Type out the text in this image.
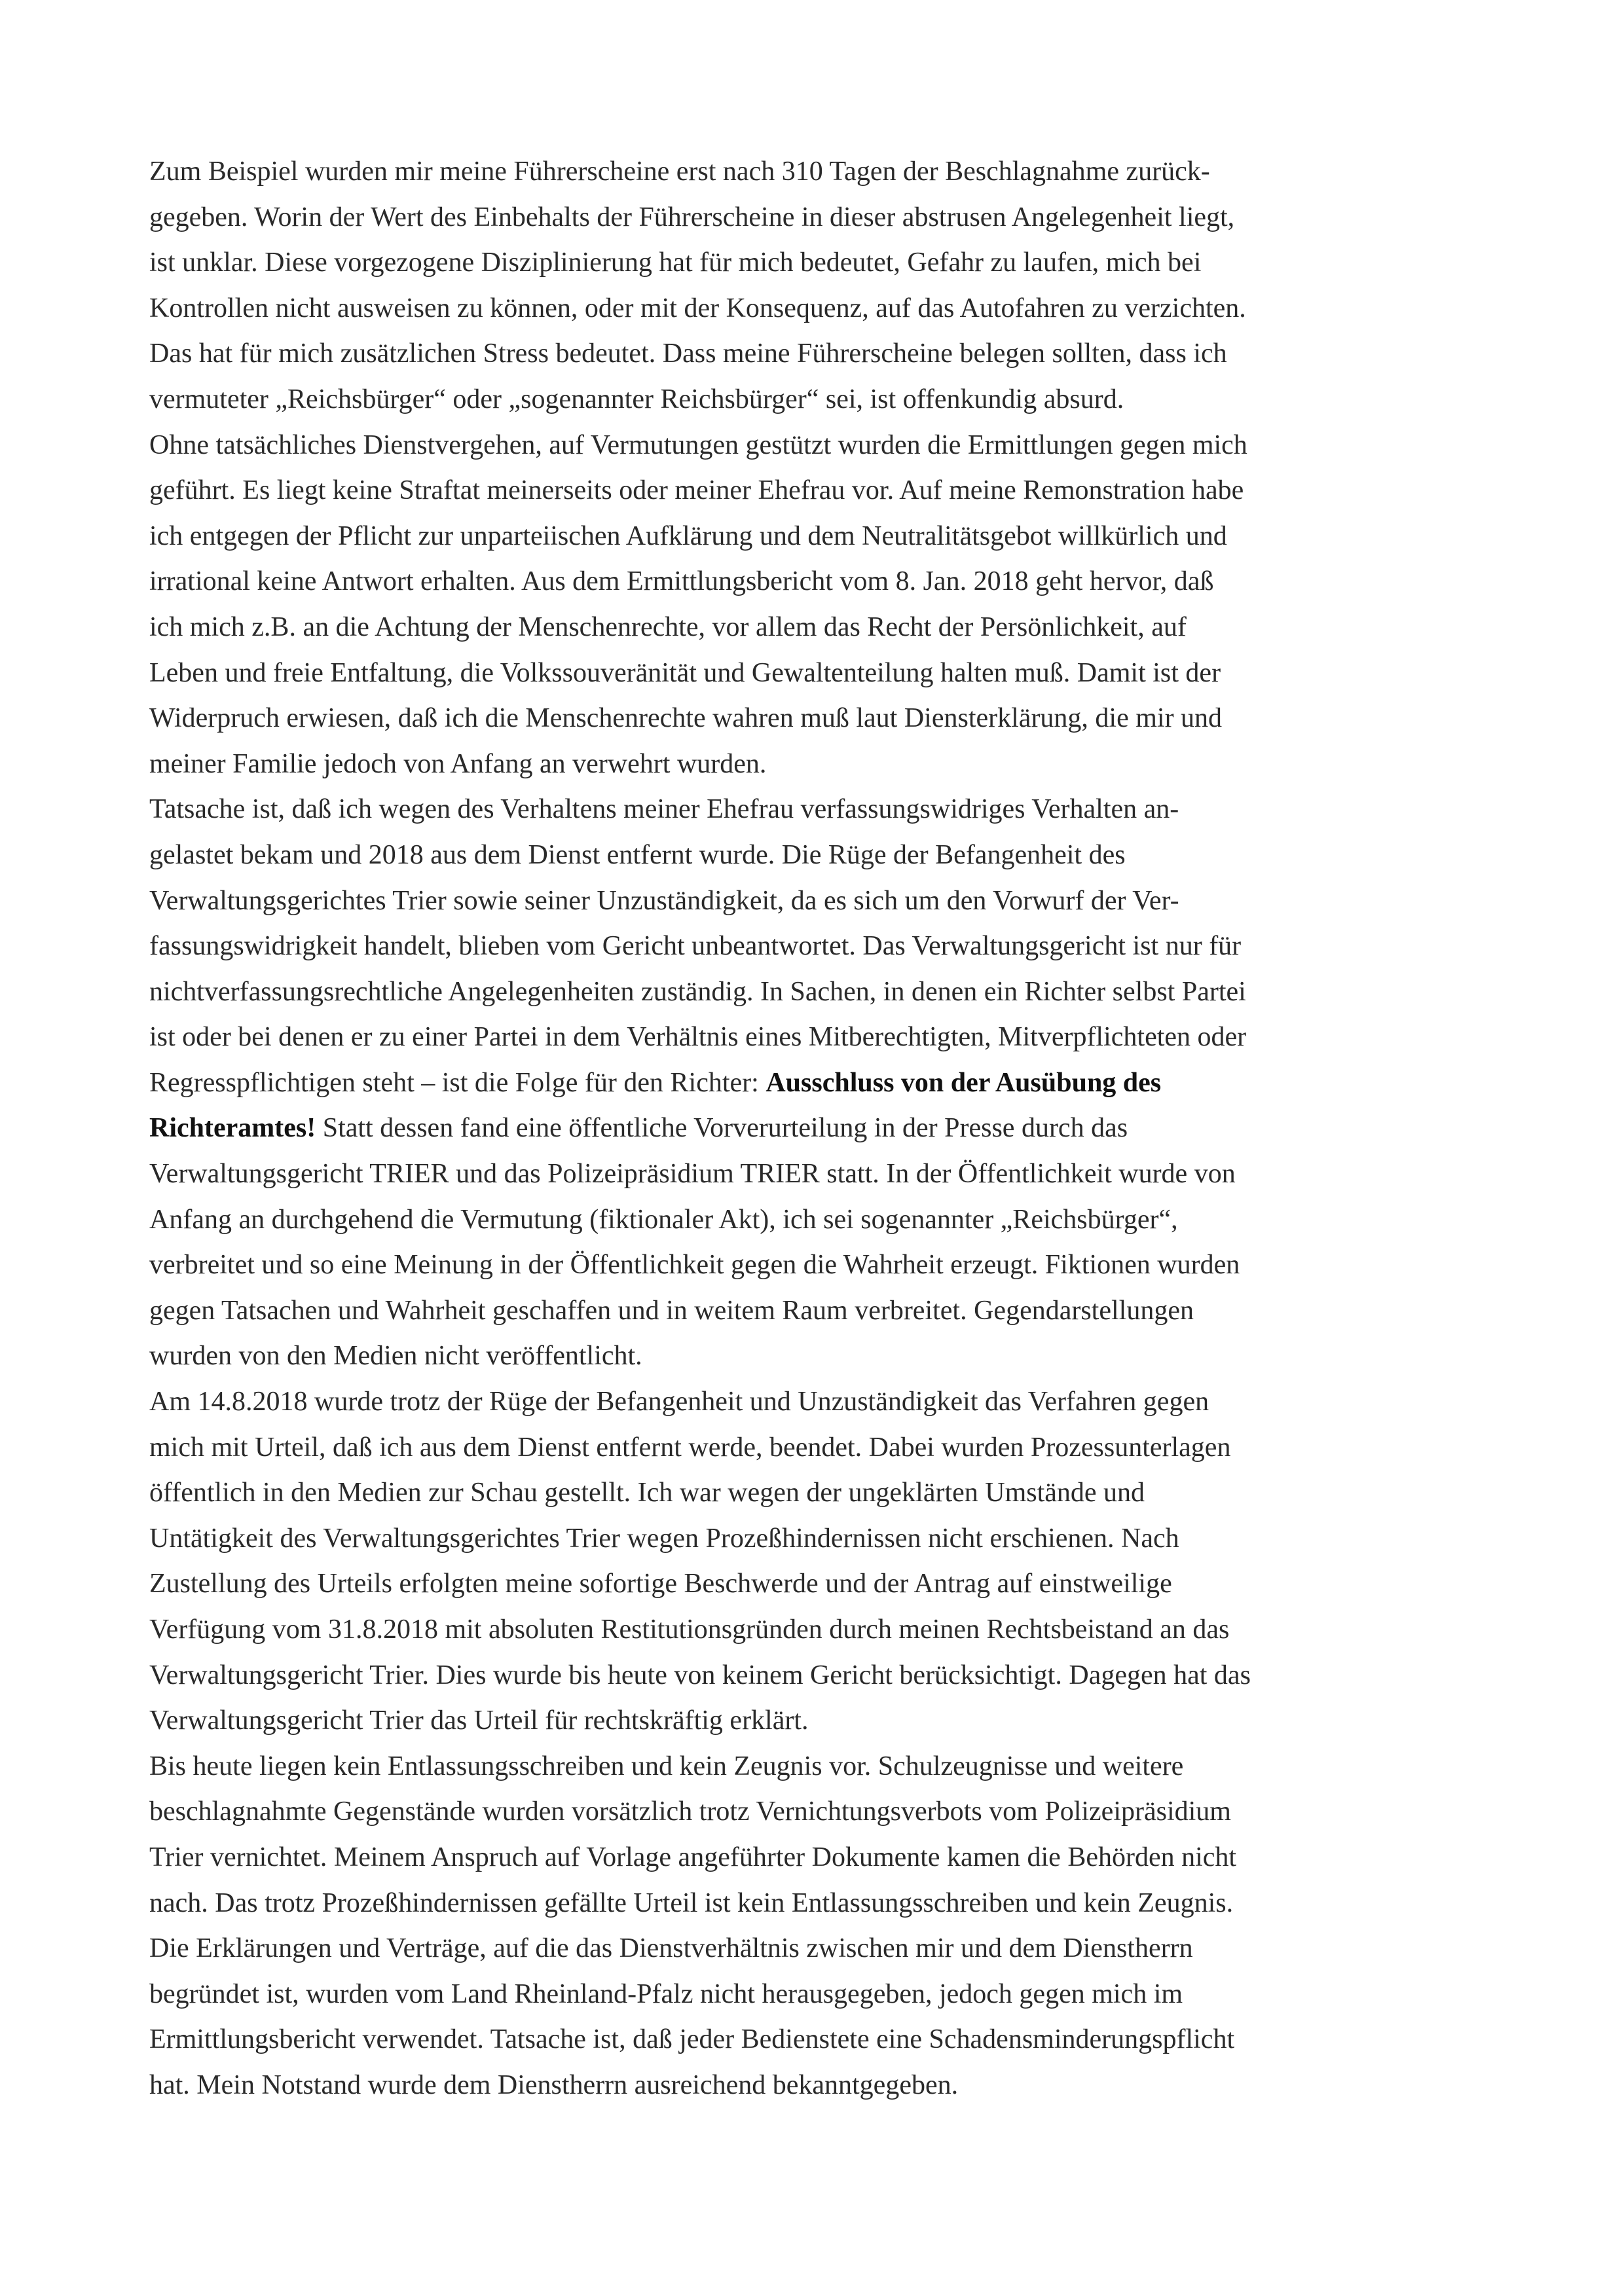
Zum Beispiel wurden mir meine Führerscheine erst nach 310 Tagen der Beschlagnahme zurück-
gegeben. Worin der Wert des Einbehalts der Führerscheine in dieser abstrusen Angelegenheit liegt,
ist unklar. Diese vorgezogene Disziplinierung hat für mich bedeutet, Gefahr zu laufen, mich bei
Kontrollen nicht ausweisen zu können, oder mit der Konsequenz, auf das Autofahren zu verzichten.
Das hat für mich zusätzlichen Stress bedeutet. Dass meine Führerscheine belegen sollten, dass ich
vermuteter „Reichsbürger“ oder „sogenannter Reichsbürger“ sei, ist offenkundig absurd.
Ohne tatsächliches Dienstvergehen, auf Vermutungen gestützt wurden die Ermittlungen gegen mich
geführt. Es liegt keine Straftat meinerseits oder meiner Ehefrau vor. Auf meine Remonstration habe
ich entgegen der Pflicht zur unparteiischen Aufklärung und dem Neutralitätsgebot willkürlich und
irrational keine Antwort erhalten. Aus dem Ermittlungsbericht vom 8. Jan. 2018 geht hervor, daß
ich mich z.B. an die Achtung der Menschenrechte, vor allem das Recht der Persönlichkeit, auf
Leben und freie Entfaltung, die Volkssouveränität und Gewaltenteilung halten muß. Damit ist der
Widerpruch erwiesen, daß ich die Menschenrechte wahren muß laut Diensterklärung, die mir und
meiner Familie jedoch von Anfang an verwehrt wurden.
Tatsache ist, daß ich wegen des Verhaltens meiner Ehefrau verfassungswidriges Verhalten an-
gelastet bekam und 2018 aus dem Dienst entfernt wurde. Die Rüge der Befangenheit des
Verwaltungsgerichtes Trier sowie seiner Unzuständigkeit, da es sich um den Vorwurf der Ver-
fassungswidrigkeit handelt, blieben vom Gericht unbeantwortet. Das Verwaltungsgericht ist nur für
nichtverfassungsrechtliche Angelegenheiten zuständig. In Sachen, in denen ein Richter selbst Partei
ist oder bei denen er zu einer Partei in dem Verhältnis eines Mitberechtigten, Mitverpflichteten oder
Regresspflichtigen steht – ist die Folge für den Richter: Ausschluss von der Ausübung des
Richteramtes! Statt dessen fand eine öffentliche Vorverurteilung in der Presse durch das
Verwaltungsgericht TRIER und das Polizeipräsidium TRIER statt. In der Öffentlichkeit wurde von
Anfang an durchgehend die Vermutung (fiktionaler Akt), ich sei sogenannter „Reichsbürger“,
verbreitet und so eine Meinung in der Öffentlichkeit gegen die Wahrheit erzeugt. Fiktionen wurden
gegen Tatsachen und Wahrheit geschaffen und in weitem Raum verbreitet. Gegendarstellungen
wurden von den Medien nicht veröffentlicht.
Am 14.8.2018 wurde trotz der Rüge der Befangenheit und Unzuständigkeit das Verfahren gegen
mich mit Urteil, daß ich aus dem Dienst entfernt werde, beendet. Dabei wurden Prozessunterlagen
öffentlich in den Medien zur Schau gestellt. Ich war wegen der ungeklärten Umstände und
Untätigkeit des Verwaltungsgerichtes Trier wegen Prozeßhindernissen nicht erschienen. Nach
Zustellung des Urteils erfolgten meine sofortige Beschwerde und der Antrag auf einstweilige
Verfügung vom 31.8.2018 mit absoluten Restitutionsgründen durch meinen Rechtsbeistand an das
Verwaltungsgericht Trier. Dies wurde bis heute von keinem Gericht berücksichtigt. Dagegen hat das
Verwaltungsgericht Trier das Urteil für rechtskräftig erklärt.
Bis heute liegen kein Entlassungsschreiben und kein Zeugnis vor. Schulzeugnisse und weitere
beschlagnahmte Gegenstände wurden vorsätzlich trotz Vernichtungsverbots vom Polizeipräsidium
Trier vernichtet. Meinem Anspruch auf Vorlage angeführter Dokumente kamen die Behörden nicht
nach. Das trotz Prozeßhindernissen gefällte Urteil ist kein Entlassungsschreiben und kein Zeugnis.
Die Erklärungen und Verträge, auf die das Dienstverhältnis zwischen mir und dem Dienstherrn
begründet ist, wurden vom Land Rheinland-Pfalz nicht herausgegeben, jedoch gegen mich im
Ermittlungsbericht verwendet. Tatsache ist, daß jeder Bedienstete eine Schadensminderungspflicht
hat. Mein Notstand wurde dem Dienstherrn ausreichend bekanntgegeben.
